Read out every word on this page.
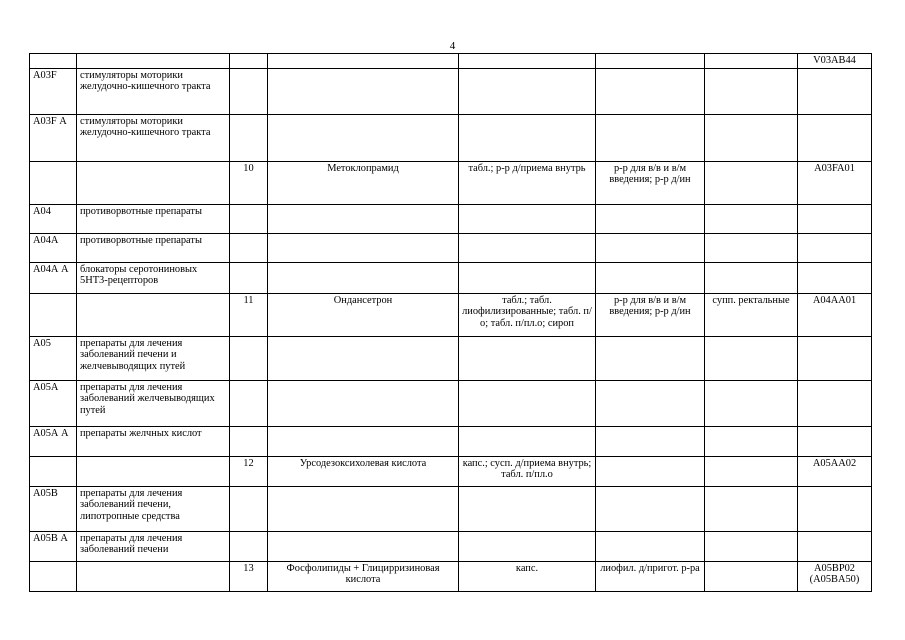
4
							V03AB44
A03F	стимуляторы моторики желудочно-кишечного тракта						
A03F А	стимуляторы моторики желудочно-кишечного тракта						
		10	Метоклопрамид	табл.; р-р д/приема внутрь	р-р для в/в и в/м введения; р-р д/ин		A03FA01
А04	противорвотные препараты						
A04A	противорвотные препараты						
А04А А	блокаторы серотониновых 5НТ3-рецепторов						
		11	Ондансетрон	табл.; табл. лиофилизированные; табл. п/о; табл. п/пл.о; сироп	р-р для в/в и в/м введения; р-р д/ин	супп. ректальные	A04AA01
A05	препараты для лечения заболеваний печени и желчевыводящих путей						
А05А	препараты для лечения заболеваний желчевыводящих путей						
А05А А	препараты желчных кислот						
		12	Урсодезоксихолевая кислота	капс.; сусп. д/приема внутрь; табл. п/пл.о			A05AA02
А05В	препараты для лечения заболеваний печени, липотропные средства						
А05В А	препараты для лечения заболеваний печени						
		13	Фосфолипиды + Глицирризиновая кислота	капс.	лиофил. д/пригот. р-ра		A05BP02 (A05BA50)
